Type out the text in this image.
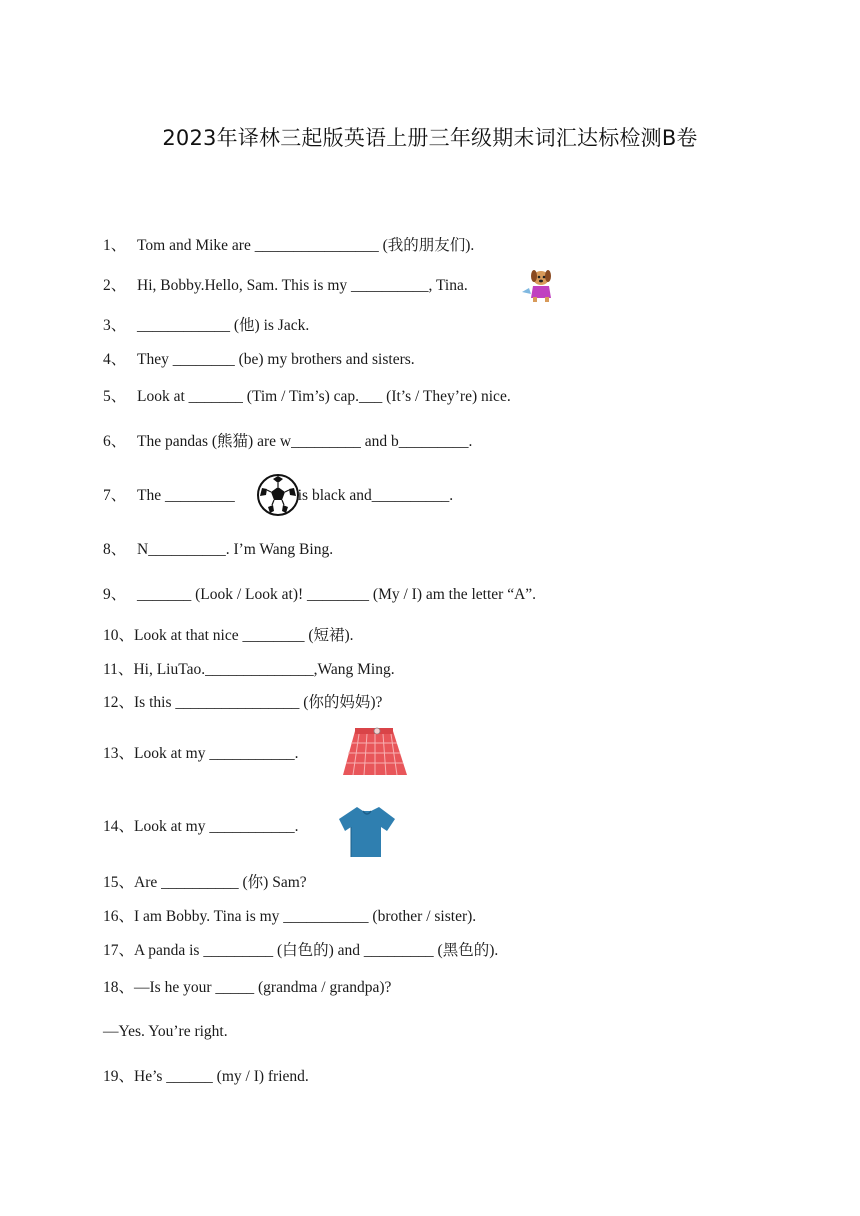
2023年译林三起版英语上册三年级期末词汇达标检测B卷
1、 Tom and Mike are ________________ (我的朋友们).
2、 Hi, Bobby.Hello, Sam. This is my __________, Tina.
3、 ____________ (他) is Jack.
4、 They ________ (be) my brothers and sisters.
5、 Look at _______ (Tim / Tim’s) cap.___ (It’s / They’re) nice.
6、 The pandas (熊猫) are w_________ and b_________.
7、 The _________	is black and__________.
8、 N__________. I’m Wang Bing.
9、 _______ (Look / Look at)! ________ (My / I) am the letter “A”.
10、Look at that nice ________ (短裙).
11、Hi, LiuTao.______________,Wang Ming.
12、Is this ________________ (你的妈妈)?
13、Look at my ___________.
14、Look at my ___________.
15、Are __________ (你) Sam?
16、I am Bobby. Tina is my ___________ (brother / sister).
17、A panda is _________ (白色的) and _________ (黑色的).
18、—Is he your _____ (grandma / grandpa)?
—Yes. You’re right.
19、He’s ______ (my / I) friend.
